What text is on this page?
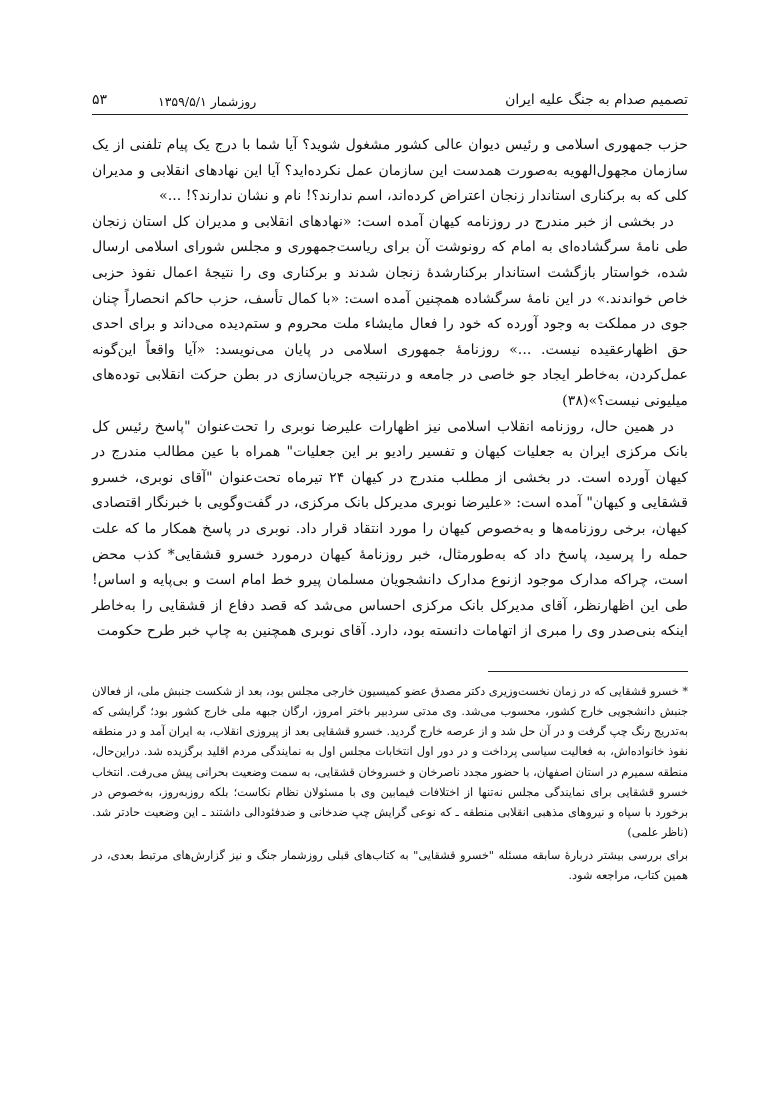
تصمیم صدام به جنگ علیه ایران
روزشمار ۱۳۵۹/۵/۱
۵۳

حزب جمهوری اسلامی و رئیس دیوان عالی کشور مشغول شوید؟ آیا شما با درج یک پیام تلفنی از یک سازمان مجهول‌الهویه به‌صورت همدست این سازمان عمل نکرده‌اید؟ آیا این نهادهای انقلابی و مدیران کلی که به برکناری استاندار زنجان اعتراض کرده‌اند، اسم ندارند؟! نام و نشان ندارند؟! ...»

در بخشی از خبر مندرج در روزنامه کیهان آمده است: «نهادهای انقلابی و مدیران کل استان زنجان طی نامهٔ سرگشاده‌ای به امام که رونوشت آن برای ریاست‌جمهوری و مجلس شورای اسلامی ارسال شده، خواستار بازگشت استاندار برکنارشدهٔ زنجان شدند و برکناری وی را نتیجهٔ اعمال نفوذ حزبی خاص خواندند.» در این نامهٔ سرگشاده همچنین آمده است: «با کمال تأسف، حزب حاکم انحصاراً چنان جوی در مملکت به وجود آورده که خود را فعال مایشاء ملت محروم و ستم‌دیده می‌داند و برای احدی حق اظهارعقیده نیست. ...» روزنامهٔ جمهوری اسلامی در پایان می‌نویسد: «آیا واقعاً این‌گونه عمل‌کردن، به‌خاطر ایجاد جو خاصی در جامعه و درنتیجه جریان‌سازی در بطن حرکت انقلابی توده‌های میلیونی نیست؟»(۳۸)

در همین حال، روزنامه انقلاب اسلامی نیز اظهارات علیرضا نوبری را تحت‌عنوان "پاسخ رئیس کل بانک مرکزی ایران به جعلیات کیهان و تفسیر رادیو بر این جعلیات" همراه با عین مطالب مندرج در کیهان آورده است. در بخشی از مطلب مندرج در کیهان ۲۴ تیرماه تحت‌عنوان "آقای نوبری، خسرو قشقایی و کیهان" آمده است: «علیرضا نوبری مدیرکل بانک مرکزی، در گفت‌وگویی با خبرنگار اقتصادی کیهان، برخی روزنامه‌ها و به‌خصوص کیهان را مورد انتقاد قرار داد. نوبری در پاسخ همکار ما که علت حمله را پرسید، پاسخ داد که به‌طورمثال، خبر روزنامهٔ کیهان درمورد خسرو قشقایی* کذب محض است، چراکه مدارک موجود ازنوع مدارک دانشجویان مسلمان پیرو خط امام است و بی‌پایه و اساس! طی این اظهارنظر، آقای مدیرکل بانک مرکزی احساس می‌شد که قصد دفاع از قشقایی را به‌خاطر اینکه بنی‌صدر وی را مبری از اتهامات دانسته بود، دارد. آقای نوبری همچنین به چاپ خبر طرح حکومت

* خسرو قشقایی که در زمان نخست‌وزیری دکتر مصدق عضو کمیسیون خارجی مجلس بود، بعد از شکست جنبش ملی، از فعالان جنبش دانشجویی خارج کشور، محسوب می‌شد. وی مدتی سردبیر باختر امروز، ارگان جبهه ملی خارج کشور بود؛ گرایشی که به‌تدریج رنگ چپ گرفت و در آن حل شد و از عرصه خارج گردید. خسرو قشقایی بعد از پیروزی انقلاب، به ایران آمد و در منطقه نفوذ خانواده‌اش، به فعالیت سیاسی پرداخت و در دور اول انتخابات مجلس اول به نمایندگی مردم اقلید برگزیده شد. دراین‌حال، منطقه سمیرم در استان اصفهان، با حضور مجدد ناصرخان و خسروخان قشقایی، به سمت وضعیت بحرانی پیش می‌رفت. انتخاب خسرو قشقایی برای نمایندگی مجلس نه‌تنها از اختلافات فیمابین وی با مسئولان نظام نکاست؛ بلکه روزبه‌روز، به‌خصوص در برخورد با سپاه و نیروهای مذهبی انقلابی منطقه ـ که نوعی گرایش چپ ضدخانی و ضدفئودالی داشتند ـ این وضعیت حادتر شد. (ناظر علمی)

برای بررسی بیشتر دربارهٔ سابقه مسئله "خسرو قشقایی" به کتاب‌های قبلی روزشمار جنگ و نیز گزارش‌های مرتبط بعدی، در همین کتاب، مراجعه شود.
